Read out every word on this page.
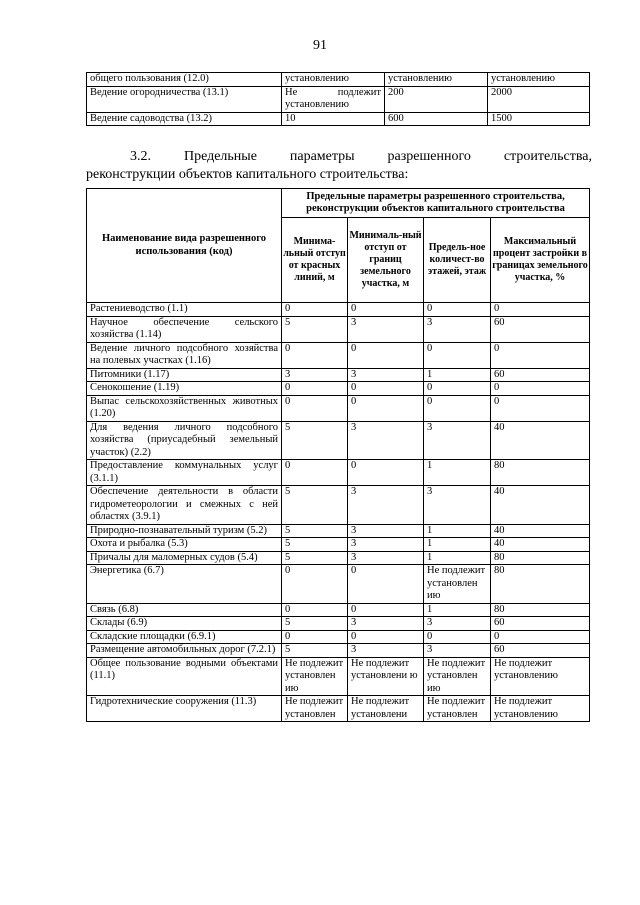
91
общего пользования (12.0)	установлению	установлению	установлению
Ведение огородничества (13.1)	Не подлежит установлению	200	2000
Ведение садоводства (13.2)	10	600	1500
3.2. Предельные параметры разрешенного строительства,
реконструкции объектов капитального строительства:
Наименование вида разрешенного использования (код)	Предельные параметры разрешенного строительства, реконструкции объектов капитального строительства			
	Минима-льный отступ от красных линий, м	Минималь-ный отступ от границ земельного участка, м	Предель-ное количест-во этажей, этаж	Максимальный процент застройки в границах земельного участка, %
Растениеводство (1.1)	0	0	0	0
Научное обеспечение сельского хозяйства (1.14)	5	3	3	60
Ведение личного подсобного хозяйства на полевых участках (1.16)	0	0	0	0
Питомники (1.17)	3	3	1	60
Сенокошение (1.19)	0	0	0	0
Выпас сельскохозяйственных животных (1.20)	0	0	0	0
Для ведения личного подсобного хозяйства (приусадебный земельный участок) (2.2)	5	3	3	40
Предоставление коммунальных услуг (3.1.1)	0	0	1	80
Обеспечение деятельности в области гидрометеорологии и смежных с ней областях (3.9.1)	5	3	3	40
Природно-познавательный туризм (5.2)	5	3	1	40
Охота и рыбалка (5.3)	5	3	1	40
Причалы для маломерных судов (5.4)	5	3	1	80
Энергетика (6.7)	0	0	Не подлежит установлен ию	80
Связь (6.8)	0	0	1	80
Склады (6.9)	5	3	3	60
Складские площадки (6.9.1)	0	0	0	0
Размещение автомобильных дорог (7.2.1)	5	3	3	60
Общее пользование водными объектами (11.1)	Не подлежит установлен ию	Не подлежит установлени ю	Не подлежит установлен ию	Не подлежит установлению
Гидротехнические сооружения (11.3)	Не подлежит установлен	Не подлежит установлени	Не подлежит установлен	Не подлежит установлению
